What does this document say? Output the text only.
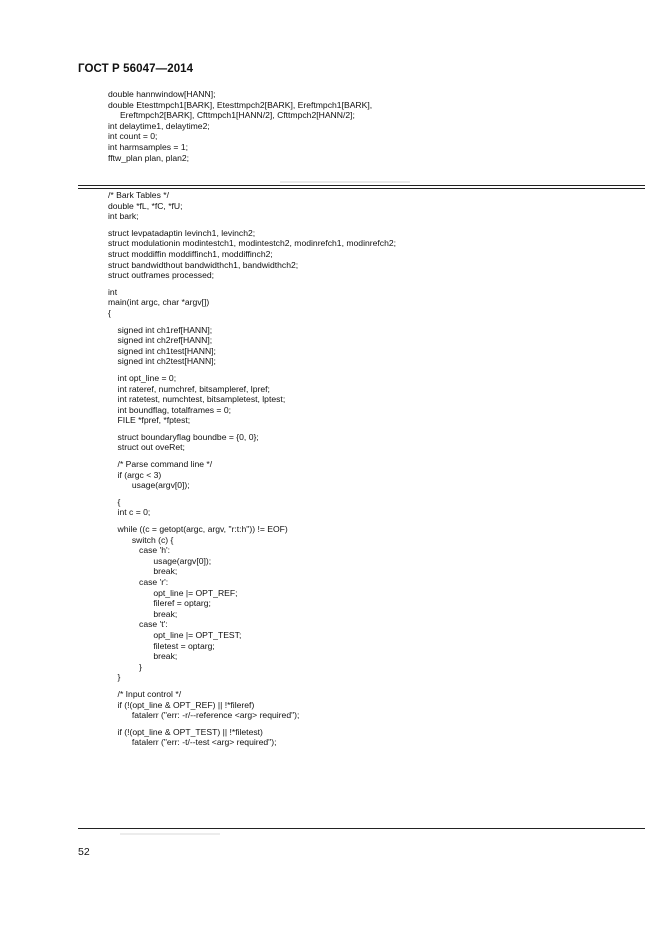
ГОСТ Р 56047—2014
double hannwindow[HANN];
double Etesttmpch1[BARK], Etesttmpch2[BARK], Ereftmpch1[BARK],
Ereftmpch2[BARK], Cfttmpch1[HANN/2], Cfttmpch2[HANN/2];
int delaytime1, delaytime2;
int count = 0;
int harmsamples = 1;
fftw_plan plan, plan2;
/* Bark Tables */
double *fL, *fC, *fU;
int bark;
struct levpatadaptin levinch1, levinch2;
struct modulationin modintestch1, modintestch2, modinrefch1, modinrefch2;
struct moddiffin moddiffinch1, moddiffinch2;
struct bandwidthout bandwidthch1, bandwidthch2;
struct outframes processed;
int
main(int argc, char *argv[])
{
signed int ch1ref[HANN];
signed int ch2ref[HANN];
signed int ch1test[HANN];
signed int ch2test[HANN];
int opt_line = 0;
int rateref, numchref, bitsampleref, lpref;
int ratetest, numchtest, bitsampletest, lptest;
int boundflag, totalframes = 0;
FILE *fpref, *fptest;
struct boundaryflag boundbe = {0, 0};
struct out oveRet;
/* Parse command line */
if (argc < 3)
usage(argv[0]);
{
int c = 0;
while ((c = getopt(argc, argv, "r:t:h")) != EOF)
switch (c) {
case 'h':
usage(argv[0]);
break;
case 'r':
opt_line |= OPT_REF;
fileref = optarg;
break;
case 't':
opt_line |= OPT_TEST;
filetest = optarg;
break;
}
}
/* Input control */
if (!(opt_line & OPT_REF) || !*fileref)
fatalerr ("err: -r/--reference <arg> required");
if (!(opt_line & OPT_TEST) || !*filetest)
fatalerr ("err: -t/--test <arg> required");
52
